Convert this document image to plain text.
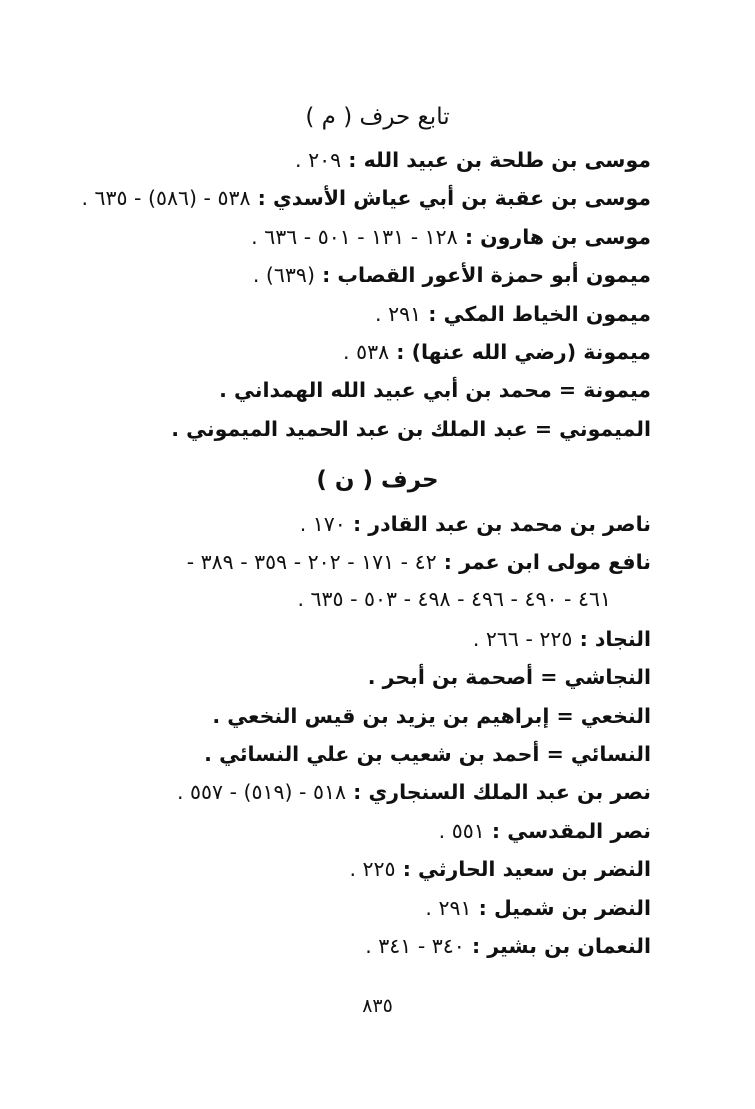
تابع حرف ( م )
موسى بن طلحة بن عبيد الله : ٢٠٩ .
موسى بن عقبة بن أبي عياش الأسدي : ٥٣٨ - (٥٨٦) - ٦٣٥ .
موسى بن هارون : ١٢٨ - ١٣١ - ٥٠١ - ٦٣٦ .
ميمون أبو حمزة الأعور القصاب : (٦٣٩) .
ميمون الخياط المكي : ٢٩١ .
ميمونة (رضي الله عنها) : ٥٣٨ .
ميمونة = محمد بن أبي عبيد الله الهمداني .
الميموني = عبد الملك بن عبد الحميد الميموني .
حرف ( ن )
ناصر بن محمد بن عبد القادر : ١٧٠ .
نافع مولى ابن عمر : ٤٢ - ١٧١ - ٢٠٢ - ٣٥٩ - ٣٨٩ -
٤٦١ - ٤٩٠ - ٤٩٦ - ٤٩٨ - ٥٠٣ - ٦٣٥ .
النجاد : ٢٢٥ - ٢٦٦ .
النجاشي = أصحمة بن أبحر .
النخعي = إبراهيم بن يزيد بن قيس النخعي .
النسائي = أحمد بن شعيب بن علي النسائي .
نصر بن عبد الملك السنجاري : ٥١٨ - (٥١٩) - ٥٥٧ .
نصر المقدسي : ٥٥١ .
النضر بن سعيد الحارثي : ٢٢٥ .
النضر بن شميل : ٢٩١ .
النعمان بن بشير : ٣٤٠ - ٣٤١ .
٨٣٥
